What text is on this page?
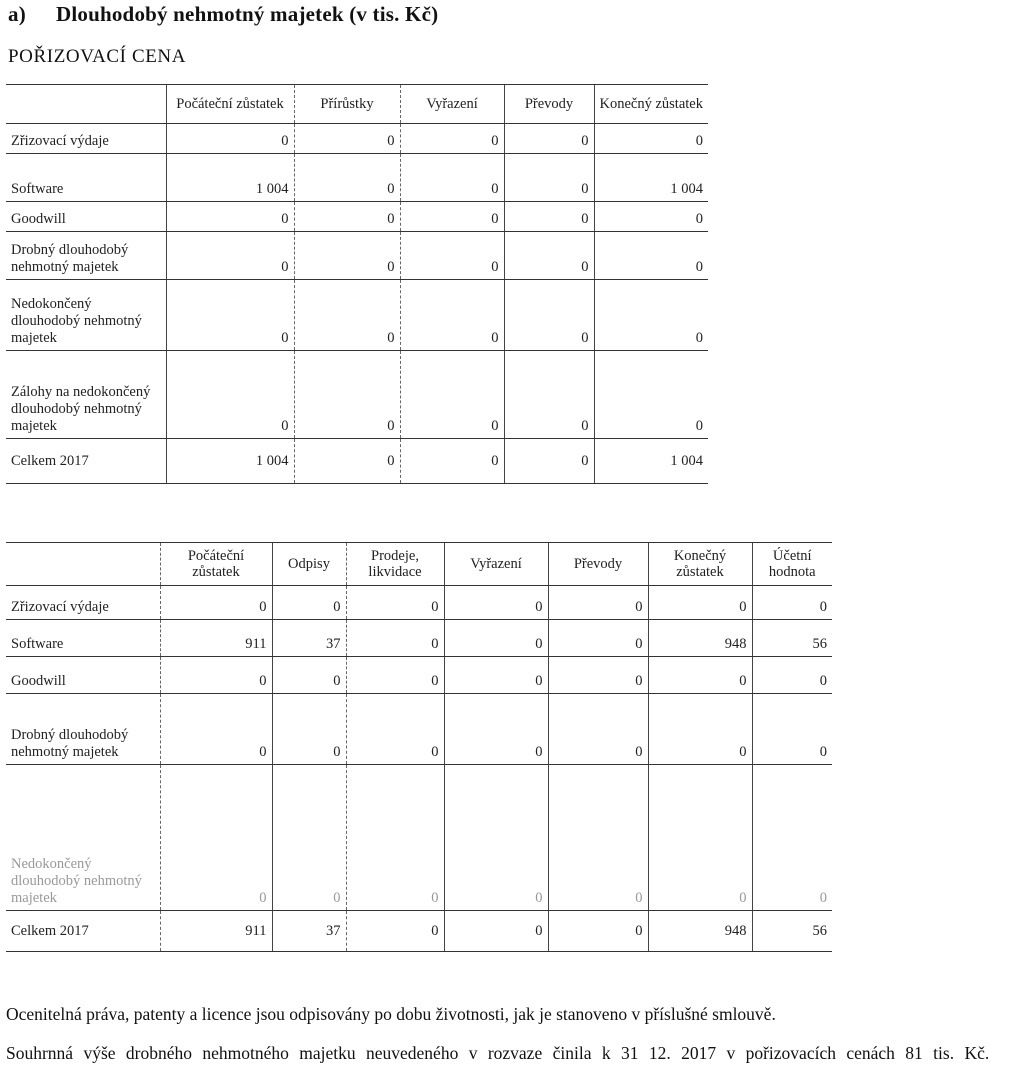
a) Dlouhodobý nehmotný majetek (v tis. Kč)
POŘIZOVACÍ CENA
	Počáteční zůstatek	Přírůstky	Vyřazení	Převody	Konečný zůstatek
Zřizovací výdaje	0	0	0	0	0
Software	1 004	0	0	0	1 004
Goodwill	0	0	0	0	0
Drobný dlouhodobý nehmotný majetek	0	0	0	0	0
Nedokončený dlouhodobý nehmotný majetek	0	0	0	0	0
Zálohy na nedokončený dlouhodobý nehmotný majetek	0	0	0	0	0
Celkem 2017	1 004	0	0	0	1 004
	Počáteční zůstatek	Odpisy	Prodeje, likvidace	Vyřazení	Převody	Konečný zůstatek	Účetní hodnota
Zřizovací výdaje	0	0	0	0	0	0	0
Software	911	37	0	0	0	948	56
Goodwill	0	0	0	0	0	0	0
Drobný dlouhodobý nehmotný majetek	0	0	0	0	0	0	0
Nedokončený dlouhodobý nehmotný majetek	0	0	0	0	0	0	0
Celkem 2017	911	37	0	0	0	948	56
Ocenitelná práva, patenty a licence jsou odpisovány po dobu životnosti, jak je stanoveno v příslušné smlouvě.
Souhrnná výše drobného nehmotného majetku neuvedeného v rozvaze činila k 31 12. 2017 v pořizovacích cenách 81 tis. Kč.
